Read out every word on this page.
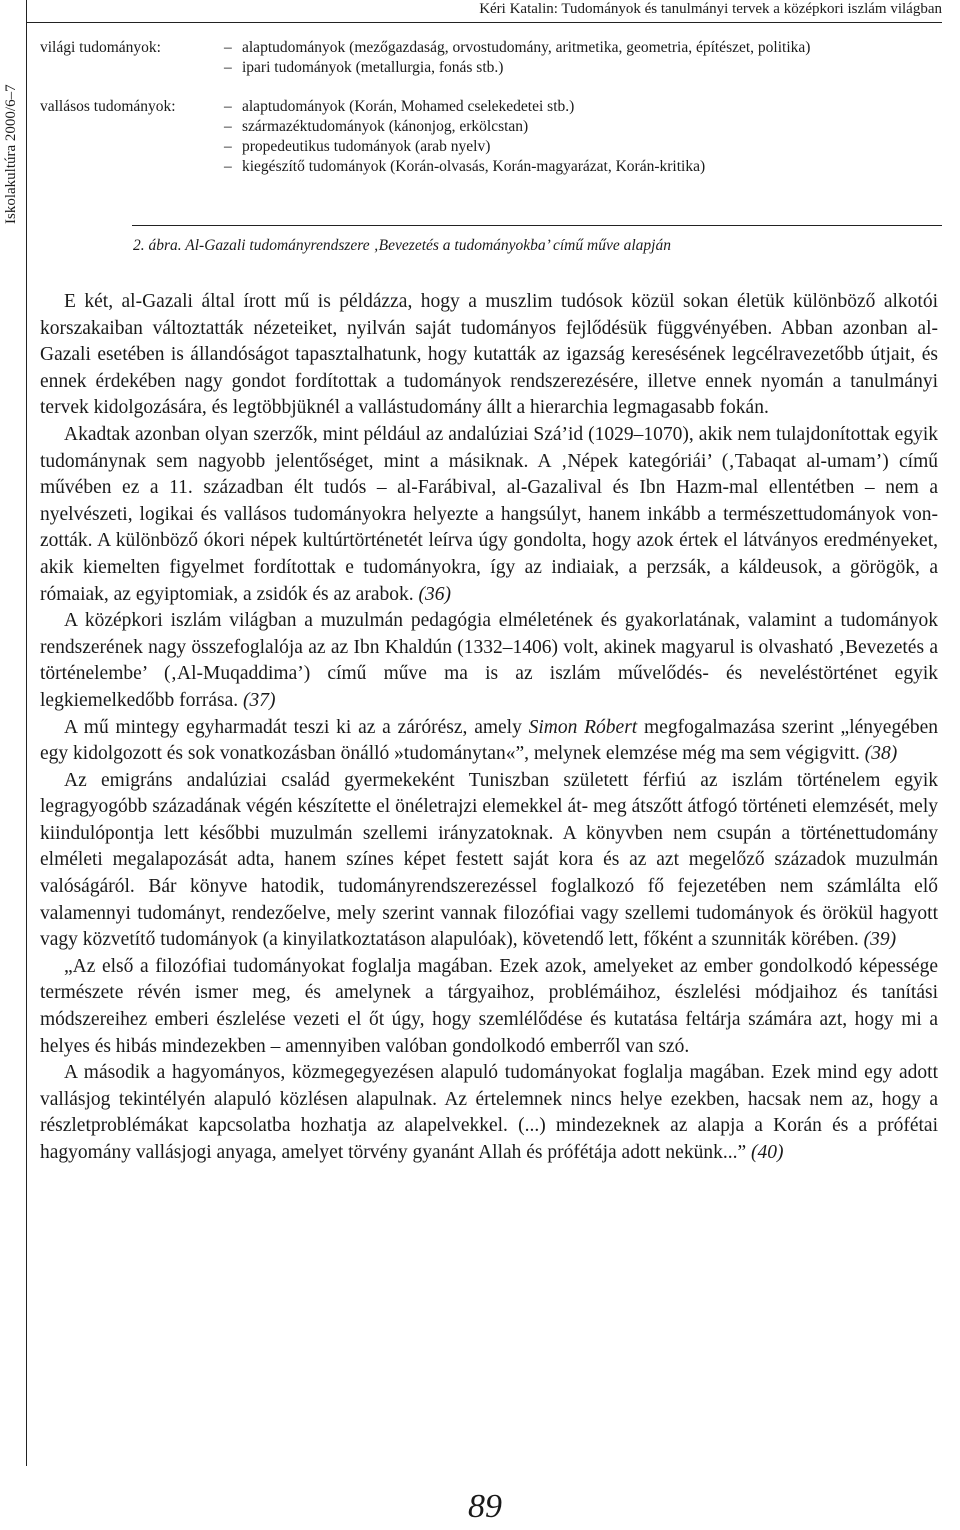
Iskolakultúra 2000/6–7
Kéri Katalin: Tudományok és tanulmányi tervek a középkori iszlám világban
világi tudományok:	– alaptudományok (mezőgazdaság, orvostudomány, aritmetika, geometria, építészet, politika)
– ipari tudományok (metallurgia, fonás stb.)
vallásos tudományok:	– alaptudományok (Korán, Mohamed cselekedetei stb.)
– származéktudományok (kánonjog, erkölcstan)
– propedeutikus tudományok (arab nyelv)
– kiegészítő tudományok (Korán-olvasás, Korán-magyarázat, Korán-kritika)
2. ábra. Al-Gazali tudományrendszere ‚Bevezetés a tudományokba’ című műve alapján

E két, al-Gazali által írott mű is példázza, hogy a muszlim tudósok közül sokan életük különböző alkotói korszakaiban változtatták nézeteiket, nyilván saját tudományos fejlődésük függvényében. Abban azonban al-Gazali esetében is állandóságot tapasztalhatunk, hogy kutatták az igazság keresésének legcélravezetőbb útjait, és ennek érdekében nagy gondot fordítottak a tudományok rendszerezésére, illetve ennek nyomán a tanulmányi tervek kidolgozására, és legtöbbjüknél a vallástudomány állt a hierarchia legmagasabb fokán.

Akadtak azonban olyan szerzők, mint például az andalúziai Szá’id (1029–1070), akik nem tulajdonítottak egyik tudománynak sem nagyobb jelentőséget, mint a másiknak. A ‚Népek kategóriái’ (‚Tabaqat al-umam’) című művében ez a 11. században élt tudós – al-Farábival, al-Gazalival és Ibn Hazm-mal ellentétben – nem a nyelvészeti, logikai és vallásos tudományokra helyezte a hangsúlyt, hanem inkább a természettudományok vonzották. A különböző ókori népek kultúrtörténetét leírva úgy gondolta, hogy azok értek el látványos eredményeket, akik kiemelten figyelmet fordítottak e tudományokra, így az indiaiak, a perzsák, a káldeusok, a görögök, a rómaiak, az egyiptomiak, a zsidók és az arabok. (36)

A középkori iszlám világban a muzulmán pedagógia elméletének és gyakorlatának, valamint a tudományok rendszerének nagy összefoglalója az az Ibn Khaldún (1332–1406) volt, akinek magyarul is olvasható ‚Bevezetés a történelembe’ (‚Al-Muqaddima’) című műve ma is az iszlám művelődés- és neveléstörténet egyik legkiemelkedőbb forrása. (37)

A mű mintegy egyharmadát teszi ki az a zárórész, amely Simon Róbert megfogalmazása szerint „lényegében egy kidolgozott és sok vonatkozásban önálló »tudománytan«”, melynek elemzése még ma sem végigvitt. (38)

Az emigráns andalúziai család gyermekeként Tuniszban született férfiú az iszlám történelem egyik legragyogóbb századának végén készítette el önéletrajzi elemekkel át- meg átszőtt átfogó történeti elemzését, mely kiindulópontja lett későbbi muzulmán szellemi irányzatoknak. A könyvben nem csupán a történettudomány elméleti megalapozását adta, hanem színes képet festett saját kora és az azt megelőző századok muzulmán valóságáról. Bár könyve hatodik, tudományrendszerezéssel foglalkozó fő fejezetében nem számlálta elő valamennyi tudományt, rendezőelve, mely szerint vannak filozófiai vagy szellemi tudományok és örökül hagyott vagy közvetítő tudományok (a kinyilatkoztatáson alapulóak), követendő lett, főként a szunniták körében. (39)

„Az első a filozófiai tudományokat foglalja magában. Ezek azok, amelyeket az ember gondolkodó képessége természete révén ismer meg, és amelynek a tárgyaihoz, problémáihoz, észlelési módjaihoz és tanítási módszereihez emberi észlelése vezeti el őt úgy, hogy szemlélődése és kutatása feltárja számára azt, hogy mi a helyes és hibás mindezekben – amennyiben valóban gondolkodó emberről van szó.

A második a hagyományos, közmegegyezésen alapuló tudományokat foglalja magában. Ezek mind egy adott vallásjog tekintélyén alapuló közlésen alapulnak. Az értelemnek nincs helye ezekben, hacsak nem az, hogy a részletproblémákat kapcsolatba hozhatja az alapelvekkel. (...) mindezeknek az alapja a Korán és a prófétai hagyomány vallásjogi anyaga, amelyet törvény gyanánt Allah és prófétája adott nekünk...” (40)

89
